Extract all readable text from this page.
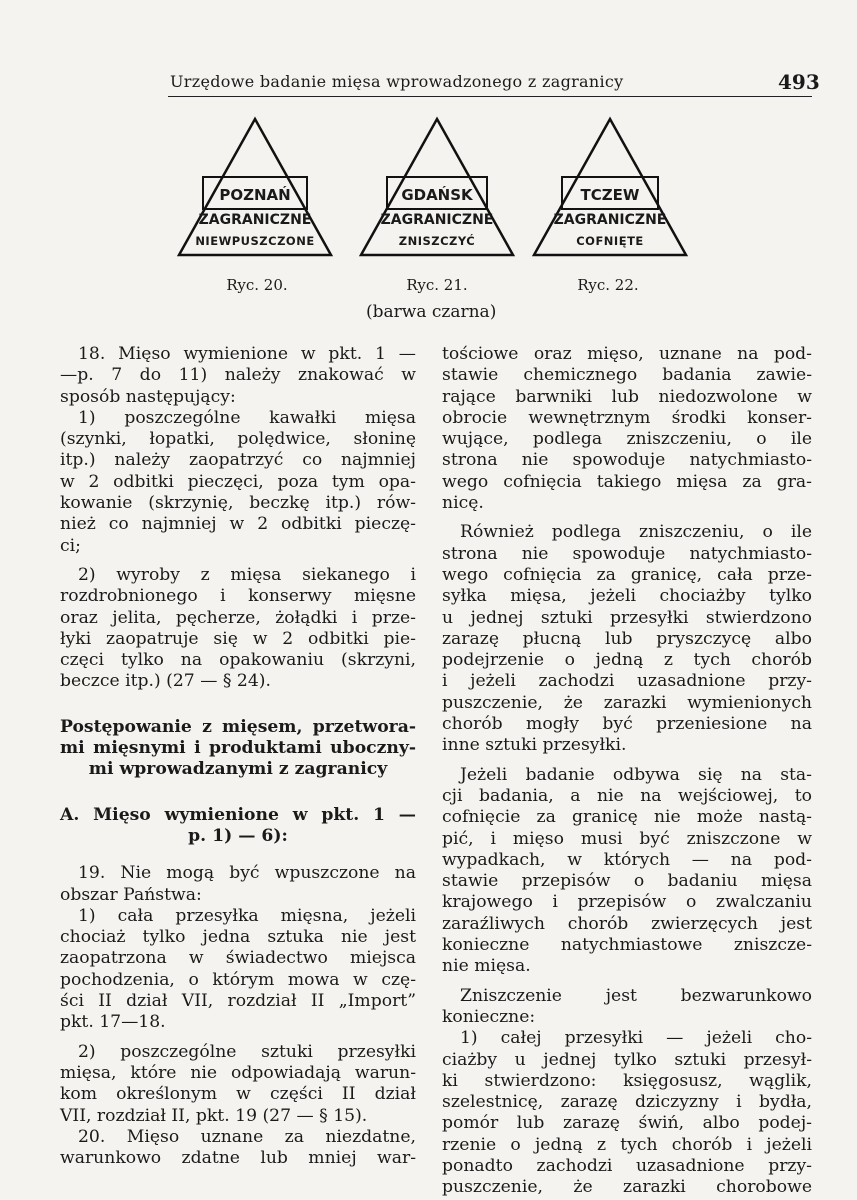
Urzędowe badanie mięsa wprowadzonego z zagranicy	493
POZNAŃ
ZAGRANICZNE
NIEWPUSZCZONE
GDAŃSK
ZAGRANICZNE
ZNISZCZYĆ
TCZEW
ZAGRANICZNE
COFNIĘTE
Ryc. 20.	Ryc. 21.	Ryc. 22.
(barwa czarna)
18. Mięso wymienione w pkt. 1 —
—p. 7 do 11) należy znakować w
sposób następujący:
1) poszczególne kawałki mięsa
(szynki, łopatki, polędwice, słoninę
itp.) należy zaopatrzyć co najmniej
w 2 odbitki pieczęci, poza tym opa-
kowanie (skrzynię, beczkę itp.) rów-
nież co najmniej w 2 odbitki pieczę-
ci;
2) wyroby z mięsa siekanego i
rozdrobnionego i konserwy mięsne
oraz jelita, pęcherze, żołądki i prze-
łyki zaopatruje się w 2 odbitki pie-
częci tylko na opakowaniu (skrzyni,
beczce itp.) (27 — § 24).
Postępowanie z mięsem, przetwora-
mi mięsnymi i produktami uboczny-
mi wprowadzanymi z zagranicy
A. Mięso wymienione w pkt. 1 —
p. 1) — 6):
19. Nie mogą być wpuszczone na
obszar Państwa:
1) cała przesyłka mięsna, jeżeli
chociaż tylko jedna sztuka nie jest
zaopatrzona w świadectwo miejsca
pochodzenia, o którym mowa w czę-
ści II dział VII, rozdział II „Import”
pkt. 17—18.
2) poszczególne sztuki przesyłki
mięsa, które nie odpowiadają warun-
kom określonym w części II dział
VII, rozdział II, pkt. 19 (27 — § 15).
20. Mięso uznane za niezdatne,
warunkowo zdatne lub mniej war-
tościowe oraz mięso, uznane na pod-
stawie chemicznego badania zawie-
rające barwniki lub niedozwolone w
obrocie wewnętrznym środki konser-
wujące, podlega zniszczeniu, o ile
strona nie spowoduje natychmiasto-
wego cofnięcia takiego mięsa za gra-
nicę.
Również podlega zniszczeniu, o ile
strona nie spowoduje natychmiasto-
wego cofnięcia za granicę, cała prze-
syłka mięsa, jeżeli chociażby tylko
u jednej sztuki przesyłki stwierdzono
zarazę płucną lub pryszczycę albo
podejrzenie o jedną z tych chorób
i jeżeli zachodzi uzasadnione przy-
puszczenie, że zarazki wymienionych
chorób mogły być przeniesione na
inne sztuki przesyłki.
Jeżeli badanie odbywa się na sta-
cji badania, a nie na wejściowej, to
cofnięcie za granicę nie może nastą-
pić, i mięso musi być zniszczone w
wypadkach, w których — na pod-
stawie przepisów o badaniu mięsa
krajowego i przepisów o zwalczaniu
zaraźliwych chorób zwierzęcych jest
konieczne natychmiastowe zniszcze-
nie mięsa.
Zniszczenie jest bezwarunkowo
konieczne:
1) całej przesyłki — jeżeli cho-
ciażby u jednej tylko sztuki przesył-
ki stwierdzono: księgosusz, wąglik,
szelestnicę, zarazę dziczyzny i bydła,
pomór lub zarazę świń, albo podej-
rzenie o jedną z tych chorób i jeżeli
ponadto zachodzi uzasadnione przy-
puszczenie, że zarazki chorobowe
